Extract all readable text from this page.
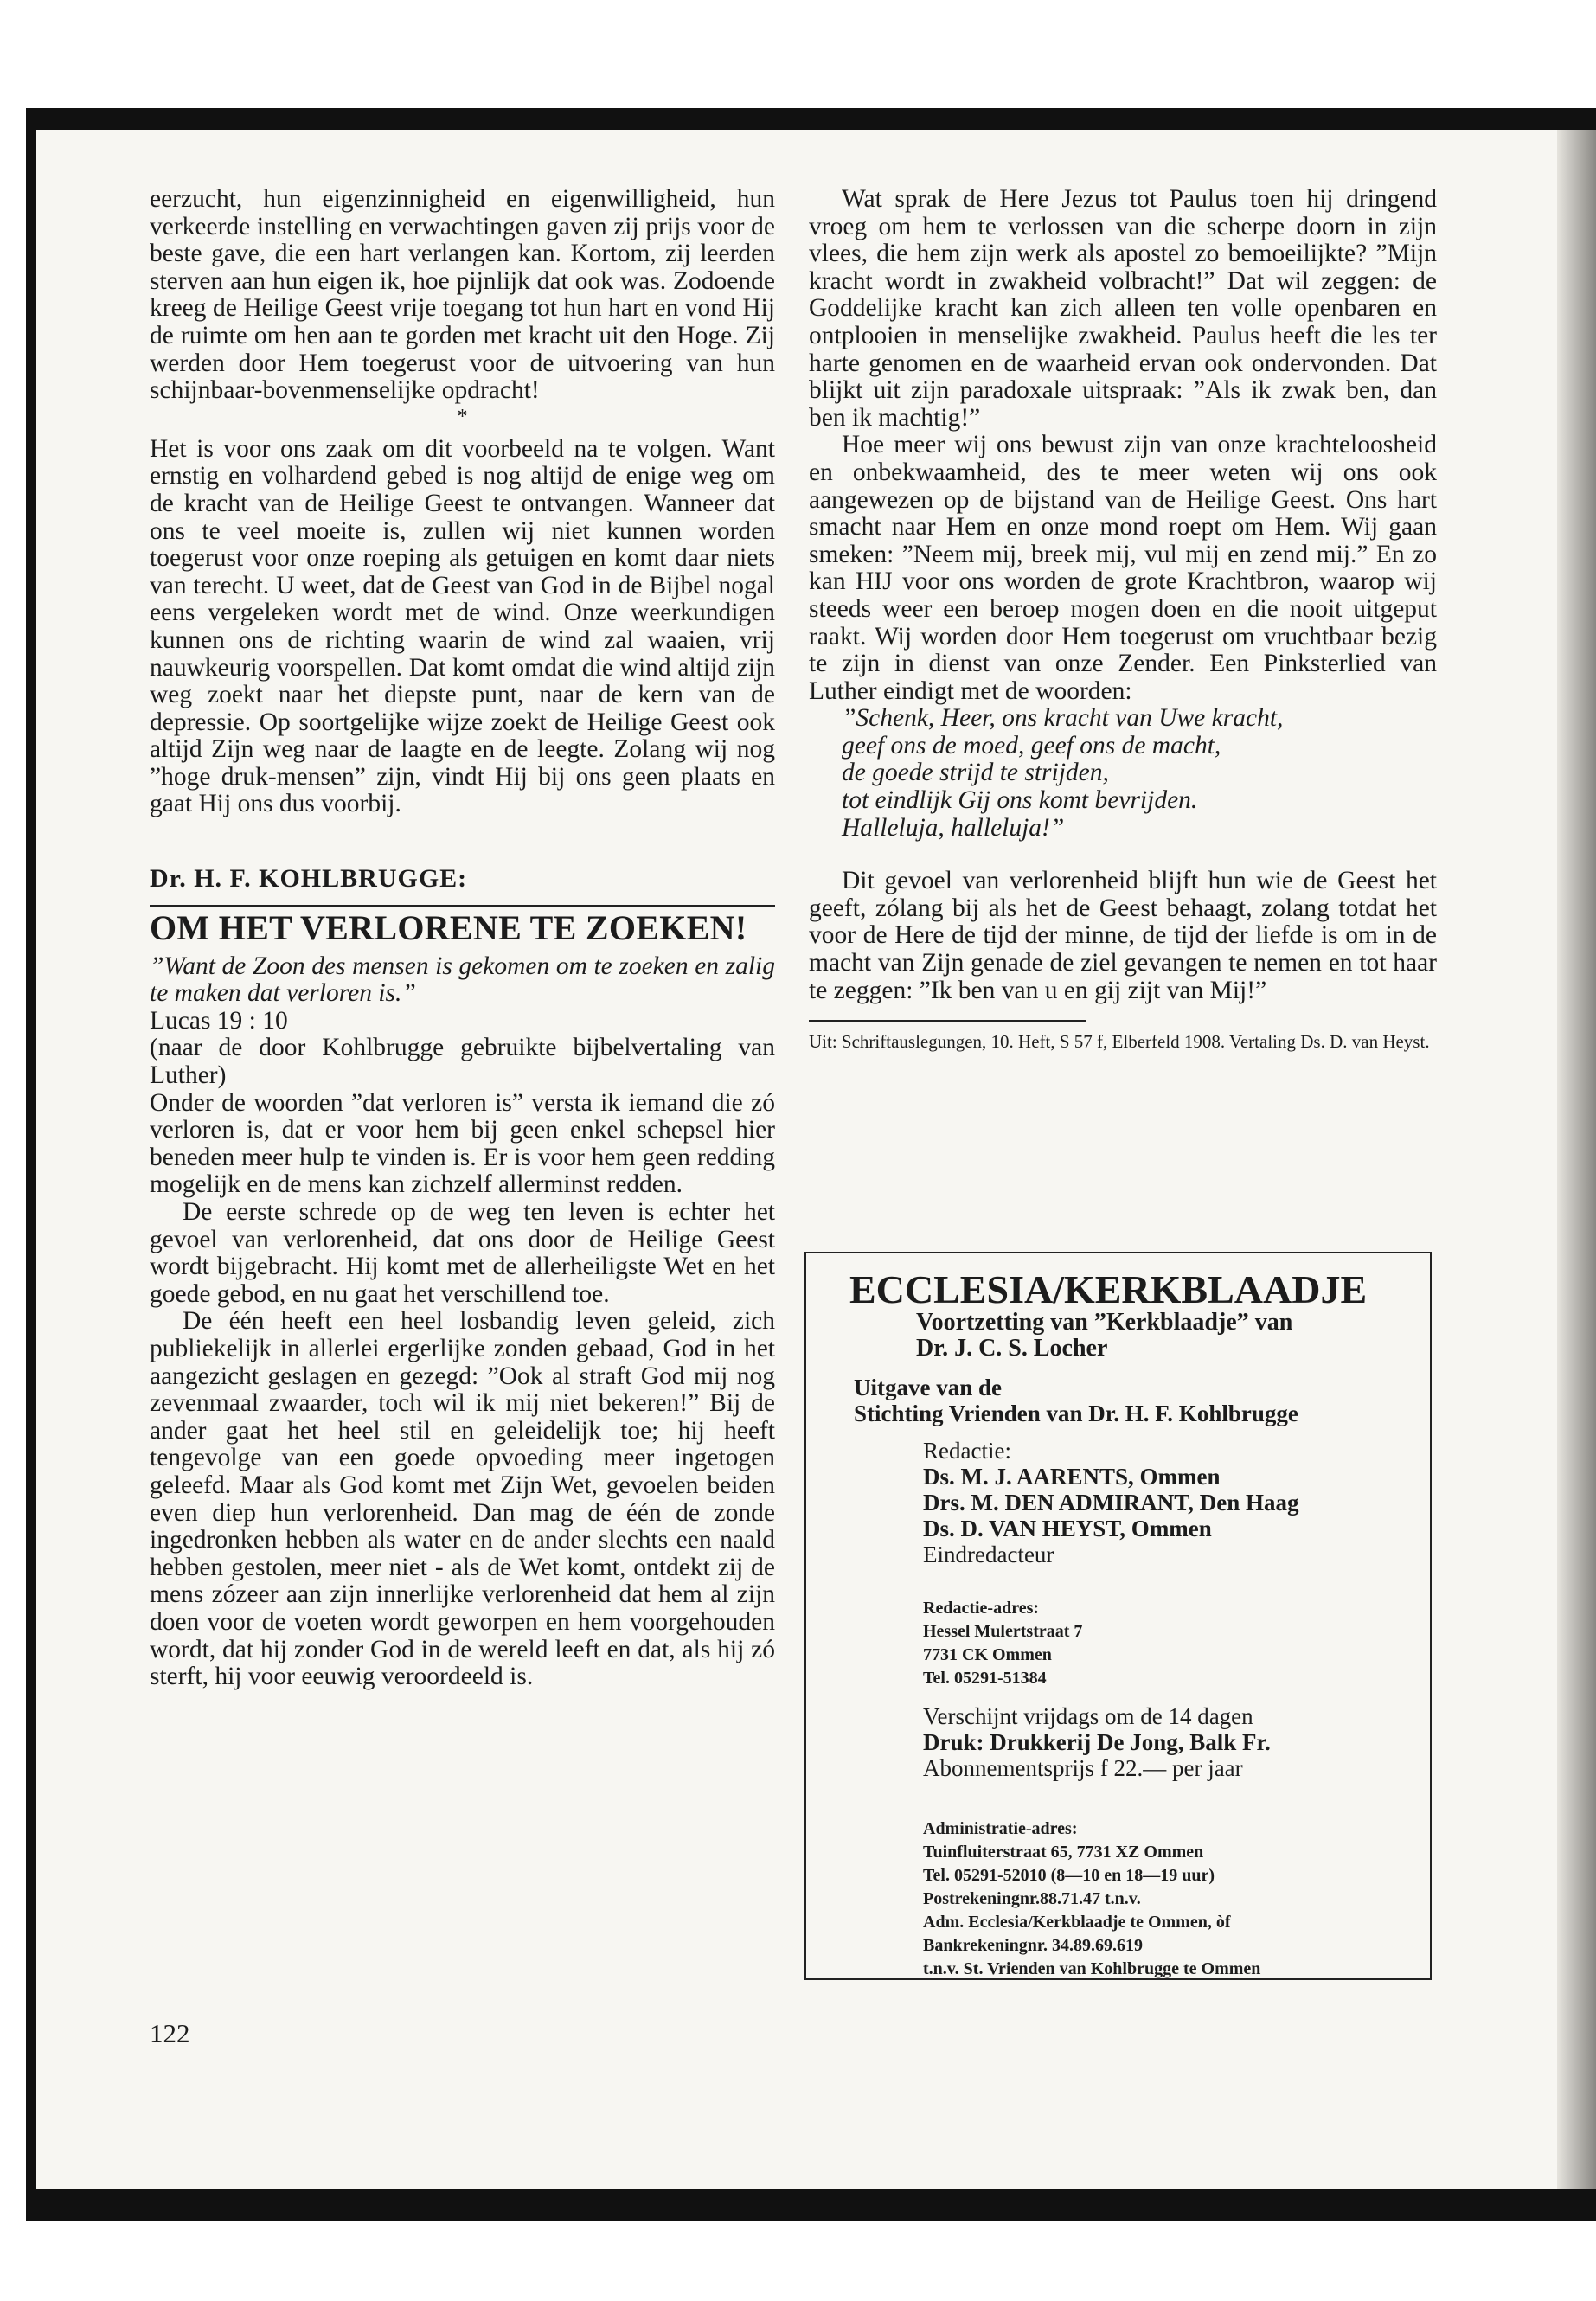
eerzucht, hun eigenzinnigheid en eigenwilligheid, hun verkeerde instelling en verwachtingen gaven zij prijs voor de beste gave, die een hart verlangen kan. Kortom, zij leerden sterven aan hun eigen ik, hoe pijnlijk dat ook was. Zodoende kreeg de Heilige Geest vrije toegang tot hun hart en vond Hij de ruimte om hen aan te gorden met kracht uit den Hoge. Zij werden door Hem toegerust voor de uitvoering van hun schijnbaar-bovenmenselijke opdracht!

*

Het is voor ons zaak om dit voorbeeld na te volgen. Want ernstig en volhardend gebed is nog altijd de enige weg om de kracht van de Heilige Geest te ontvangen. Wanneer dat ons te veel moeite is, zullen wij niet kunnen worden toegerust voor onze roeping als getuigen en komt daar niets van terecht. U weet, dat de Geest van God in de Bijbel nogal eens vergeleken wordt met de wind. Onze weerkundigen kunnen ons de richting waarin de wind zal waaien, vrij nauwkeurig voorspellen. Dat komt omdat die wind altijd zijn weg zoekt naar het diepste punt, naar de kern van de depressie. Op soortgelijke wijze zoekt de Heilige Geest ook altijd Zijn weg naar de laagte en de leegte. Zolang wij nog ”hoge druk-mensen” zijn, vindt Hij bij ons geen plaats en gaat Hij ons dus voorbij.

Dr. H. F. KOHLBRUGGE:
OM HET VERLORENE TE ZOEKEN!

”Want de Zoon des mensen is gekomen om te zoeken en zalig te maken dat verloren is.”

Lucas 19 : 10

(naar de door Kohlbrugge gebruikte bijbelvertaling van Luther)

Onder de woorden ”dat verloren is” versta ik iemand die zó verloren is, dat er voor hem bij geen enkel schepsel hier beneden meer hulp te vinden is. Er is voor hem geen redding mogelijk en de mens kan zichzelf allerminst redden.

De eerste schrede op de weg ten leven is echter het gevoel van verlorenheid, dat ons door de Heilige Geest wordt bijgebracht. Hij komt met de allerheiligste Wet en het goede gebod, en nu gaat het verschillend toe.

De één heeft een heel losbandig leven geleid, zich publiekelijk in allerlei ergerlijke zonden gebaad, God in het aangezicht geslagen en gezegd: ”Ook al straft God mij nog zevenmaal zwaarder, toch wil ik mij niet bekeren!” Bij de ander gaat het heel stil en geleidelijk toe; hij heeft tengevolge van een goede opvoeding meer ingetogen geleefd. Maar als God komt met Zijn Wet, gevoelen beiden even diep hun verlorenheid. Dan mag de één de zonde ingedronken hebben als water en de ander slechts een naald hebben gestolen, meer niet - als de Wet komt, ontdekt zij de mens zózeer aan zijn innerlijke verlorenheid dat hem al zijn doen voor de voeten wordt geworpen en hem voorgehouden wordt, dat hij zonder God in de wereld leeft en dat, als hij zó sterft, hij voor eeuwig veroordeeld is.

122

Wat sprak de Here Jezus tot Paulus toen hij dringend vroeg om hem te verlossen van die scherpe doorn in zijn vlees, die hem zijn werk als apostel zo bemoeilijkte? ”Mijn kracht wordt in zwakheid volbracht!” Dat wil zeggen: de Goddelijke kracht kan zich alleen ten volle openbaren en ontplooien in menselijke zwakheid. Paulus heeft die les ter harte genomen en de waarheid ervan ook ondervonden. Dat blijkt uit zijn paradoxale uitspraak: ”Als ik zwak ben, dan ben ik machtig!”

Hoe meer wij ons bewust zijn van onze krachteloosheid en onbekwaamheid, des te meer weten wij ons ook aangewezen op de bijstand van de Heilige Geest. Ons hart smacht naar Hem en onze mond roept om Hem. Wij gaan smeken: ”Neem mij, breek mij, vul mij en zend mij.” En zo kan HIJ voor ons worden de grote Krachtbron, waarop wij steeds weer een beroep mogen doen en die nooit uitgeput raakt. Wij worden door Hem toegerust om vruchtbaar bezig te zijn in dienst van onze Zender. Een Pinksterlied van Luther eindigt met de woorden:

”Schenk, Heer, ons kracht van Uwe kracht,

geef ons de moed, geef ons de macht,

de goede strijd te strijden,

tot eindlijk Gij ons komt bevrijden.

Halleluja, halleluja!”

Dit gevoel van verlorenheid blijft hun wie de Geest het geeft, zólang bij als het de Geest behaagt, zolang totdat het voor de Here de tijd der minne, de tijd der liefde is om in de macht van Zijn genade de ziel gevangen te nemen en tot haar te zeggen: ”Ik ben van u en gij zijt van Mij!”

Uit: Schriftauslegungen, 10. Heft, S 57 f, Elberfeld 1908. Vertaling Ds. D. van Heyst.

ECCLESIA/KERKBLAADJE
Voortzetting van ”Kerkblaadje” van
Dr. J. C. S. Locher
Uitgave van de
Stichting Vrienden van Dr. H. F. Kohlbrugge
Redactie:
Ds. M. J. AARENTS, Ommen
Drs. M. DEN ADMIRANT, Den Haag
Ds. D. VAN HEYST, Ommen
Eindredacteur
Redactie-adres:
Hessel Mulertstraat 7
7731 CK Ommen
Tel. 05291-51384
Verschijnt vrijdags om de 14 dagen
Druk: Drukkerij De Jong, Balk Fr.
Abonnementsprijs f 22.— per jaar
Administratie-adres:
Tuinfluiterstraat 65, 7731 XZ Ommen
Tel. 05291-52010 (8—10 en 18—19 uur)
Postrekeningnr.88.71.47 t.n.v.
Adm. Ecclesia/Kerkblaadje te Ommen, òf
Bankrekeningnr. 34.89.69.619
t.n.v. St. Vrienden van Kohlbrugge te Ommen
